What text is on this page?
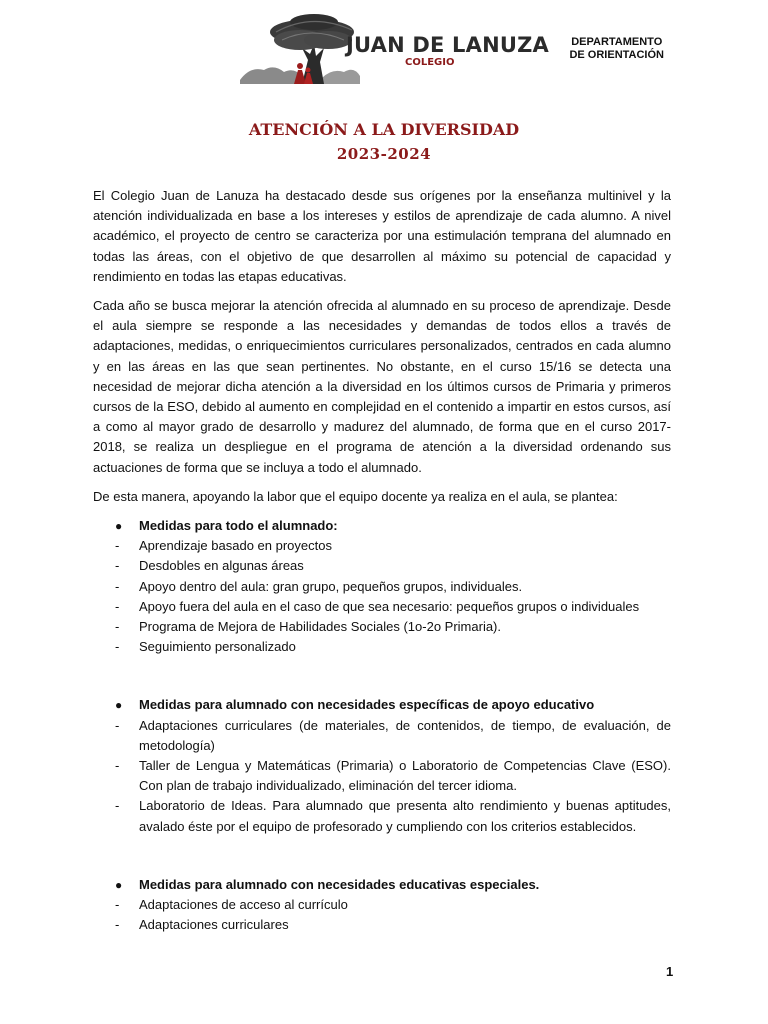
JUAN DE LANUZA
COLEGIO
DEPARTAMENTO
DE ORIENTACIÓN
ATENCIÓN A LA DIVERSIDAD
2023-2024

El Colegio Juan de Lanuza ha destacado desde sus orígenes por la enseñanza multinivel y la atención individualizada en base a los intereses y estilos de aprendizaje de cada alumno. A nivel académico, el proyecto de centro se caracteriza por una estimulación temprana del alumnado en todas las áreas, con el objetivo de que desarrollen al máximo su potencial de capacidad y rendimiento en todas las etapas educativas.

Cada año se busca mejorar la atención ofrecida al alumnado en su proceso de aprendizaje. Desde el aula siempre se responde a las necesidades y demandas de todos ellos a través de adaptaciones, medidas, o enriquecimientos curriculares personalizados, centrados en cada alumno y en las áreas en las que sean pertinentes. No obstante, en el curso 15/16 se detecta una necesidad de mejorar dicha atención a la diversidad en los últimos cursos de Primaria y primeros cursos de la ESO, debido al aumento en complejidad en el contenido a impartir en estos cursos, así a como al mayor grado de desarrollo y madurez del alumnado, de forma que en el curso 2017- 2018, se realiza un despliegue en el programa de atención a la diversidad ordenando sus actuaciones de forma que se incluya a todo el alumnado.

De esta manera, apoyando la labor que el equipo docente ya realiza en el aula, se plantea:

● Medidas para todo el alumnado:
- Aprendizaje basado en proyectos
- Desdobles en algunas áreas
- Apoyo dentro del aula: gran grupo, pequeños grupos, individuales.
- Apoyo fuera del aula en el caso de que sea necesario: pequeños grupos o individuales
- Programa de Mejora de Habilidades Sociales (1o-2o Primaria).
- Seguimiento personalizado
● Medidas para alumnado con necesidades específicas de apoyo educativo
- Adaptaciones curriculares (de materiales, de contenidos, de tiempo, de evaluación, de metodología)
- Taller de Lengua y Matemáticas (Primaria) o Laboratorio de Competencias Clave (ESO). Con plan de trabajo individualizado, eliminación del tercer idioma.
- Laboratorio de Ideas. Para alumnado que presenta alto rendimiento y buenas aptitudes, avalado éste por el equipo de profesorado y cumpliendo con los criterios establecidos.
● Medidas para alumnado con necesidades educativas especiales.
- Adaptaciones de acceso al currículo
- Adaptaciones curriculares
1
